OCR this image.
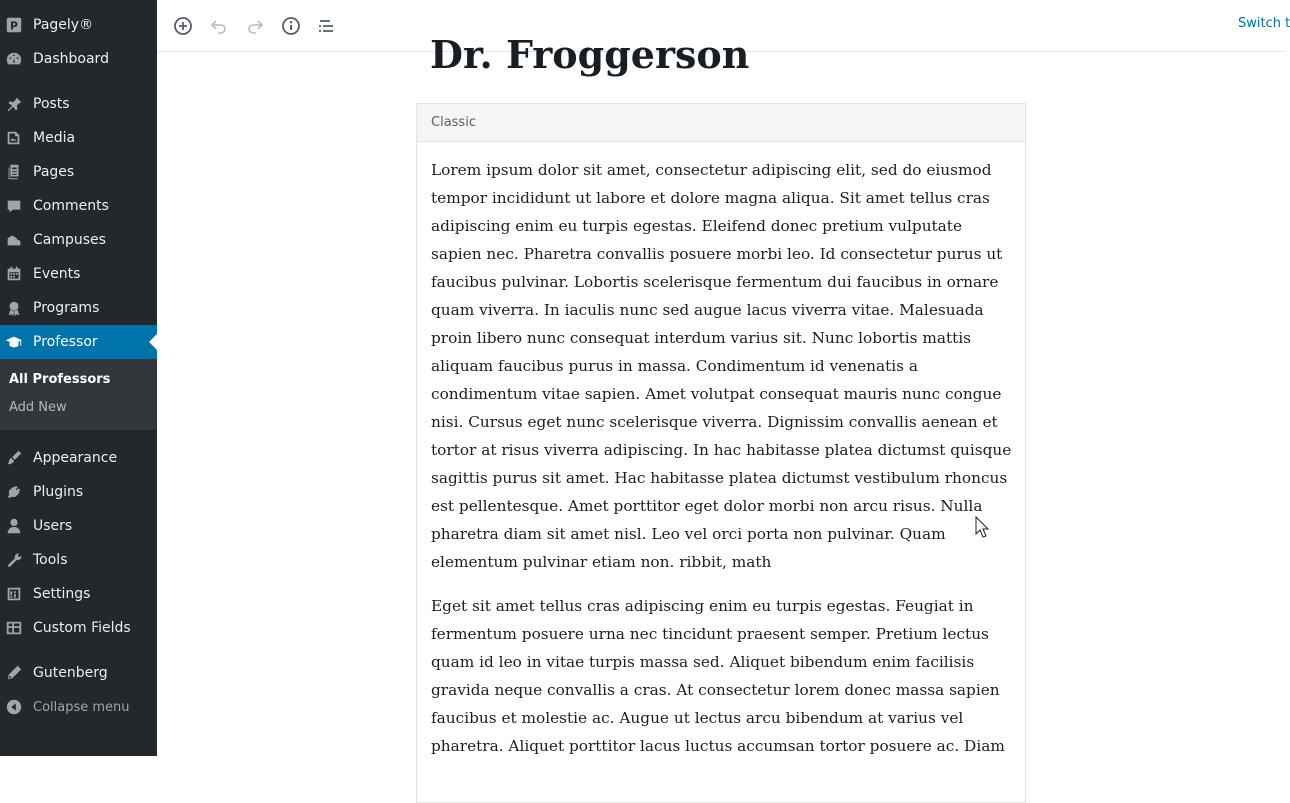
P Pagely®
Dashboard
Posts
Media
Pages
Comments
Campuses
Events
Programs
Professor
All Professors
Add New
Appearance
Plugins
Users
Tools
Settings
Custom Fields
Gutenberg
Collapse menu
Switch t
Dr. Froggerson
Classic

Lorem ipsum dolor sit amet, consectetur adipiscing elit, sed do eiusmod tempor incididunt ut labore et dolore magna aliqua. Sit amet tellus cras adipiscing enim eu turpis egestas. Eleifend donec pretium vulputate sapien nec. Pharetra convallis posuere morbi leo. Id consectetur purus ut faucibus pulvinar. Lobortis scelerisque fermentum dui faucibus in ornare quam viverra. In iaculis nunc sed augue lacus viverra vitae. Malesuada proin libero nunc consequat interdum varius sit. Nunc lobortis mattis aliquam faucibus purus in massa. Condimentum id venenatis a condimentum vitae sapien. Amet volutpat consequat mauris nunc congue nisi. Cursus eget nunc scelerisque viverra. Dignissim convallis aenean et tortor at risus viverra adipiscing. In hac habitasse platea dictumst quisque sagittis purus sit amet. Hac habitasse platea dictumst vestibulum rhoncus est pellentesque. Amet porttitor eget dolor morbi non arcu risus. Nulla pharetra diam sit amet nisl. Leo vel orci porta non pulvinar. Quam elementum pulvinar etiam non. ribbit, math

Eget sit amet tellus cras adipiscing enim eu turpis egestas. Feugiat in fermentum posuere urna nec tincidunt praesent semper. Pretium lectus quam id leo in vitae turpis massa sed. Aliquet bibendum enim facilisis gravida neque convallis a cras. At consectetur lorem donec massa sapien faucibus et molestie ac. Augue ut lectus arcu bibendum at varius vel pharetra. Aliquet porttitor lacus luctus accumsan tortor posuere ac. Diam
